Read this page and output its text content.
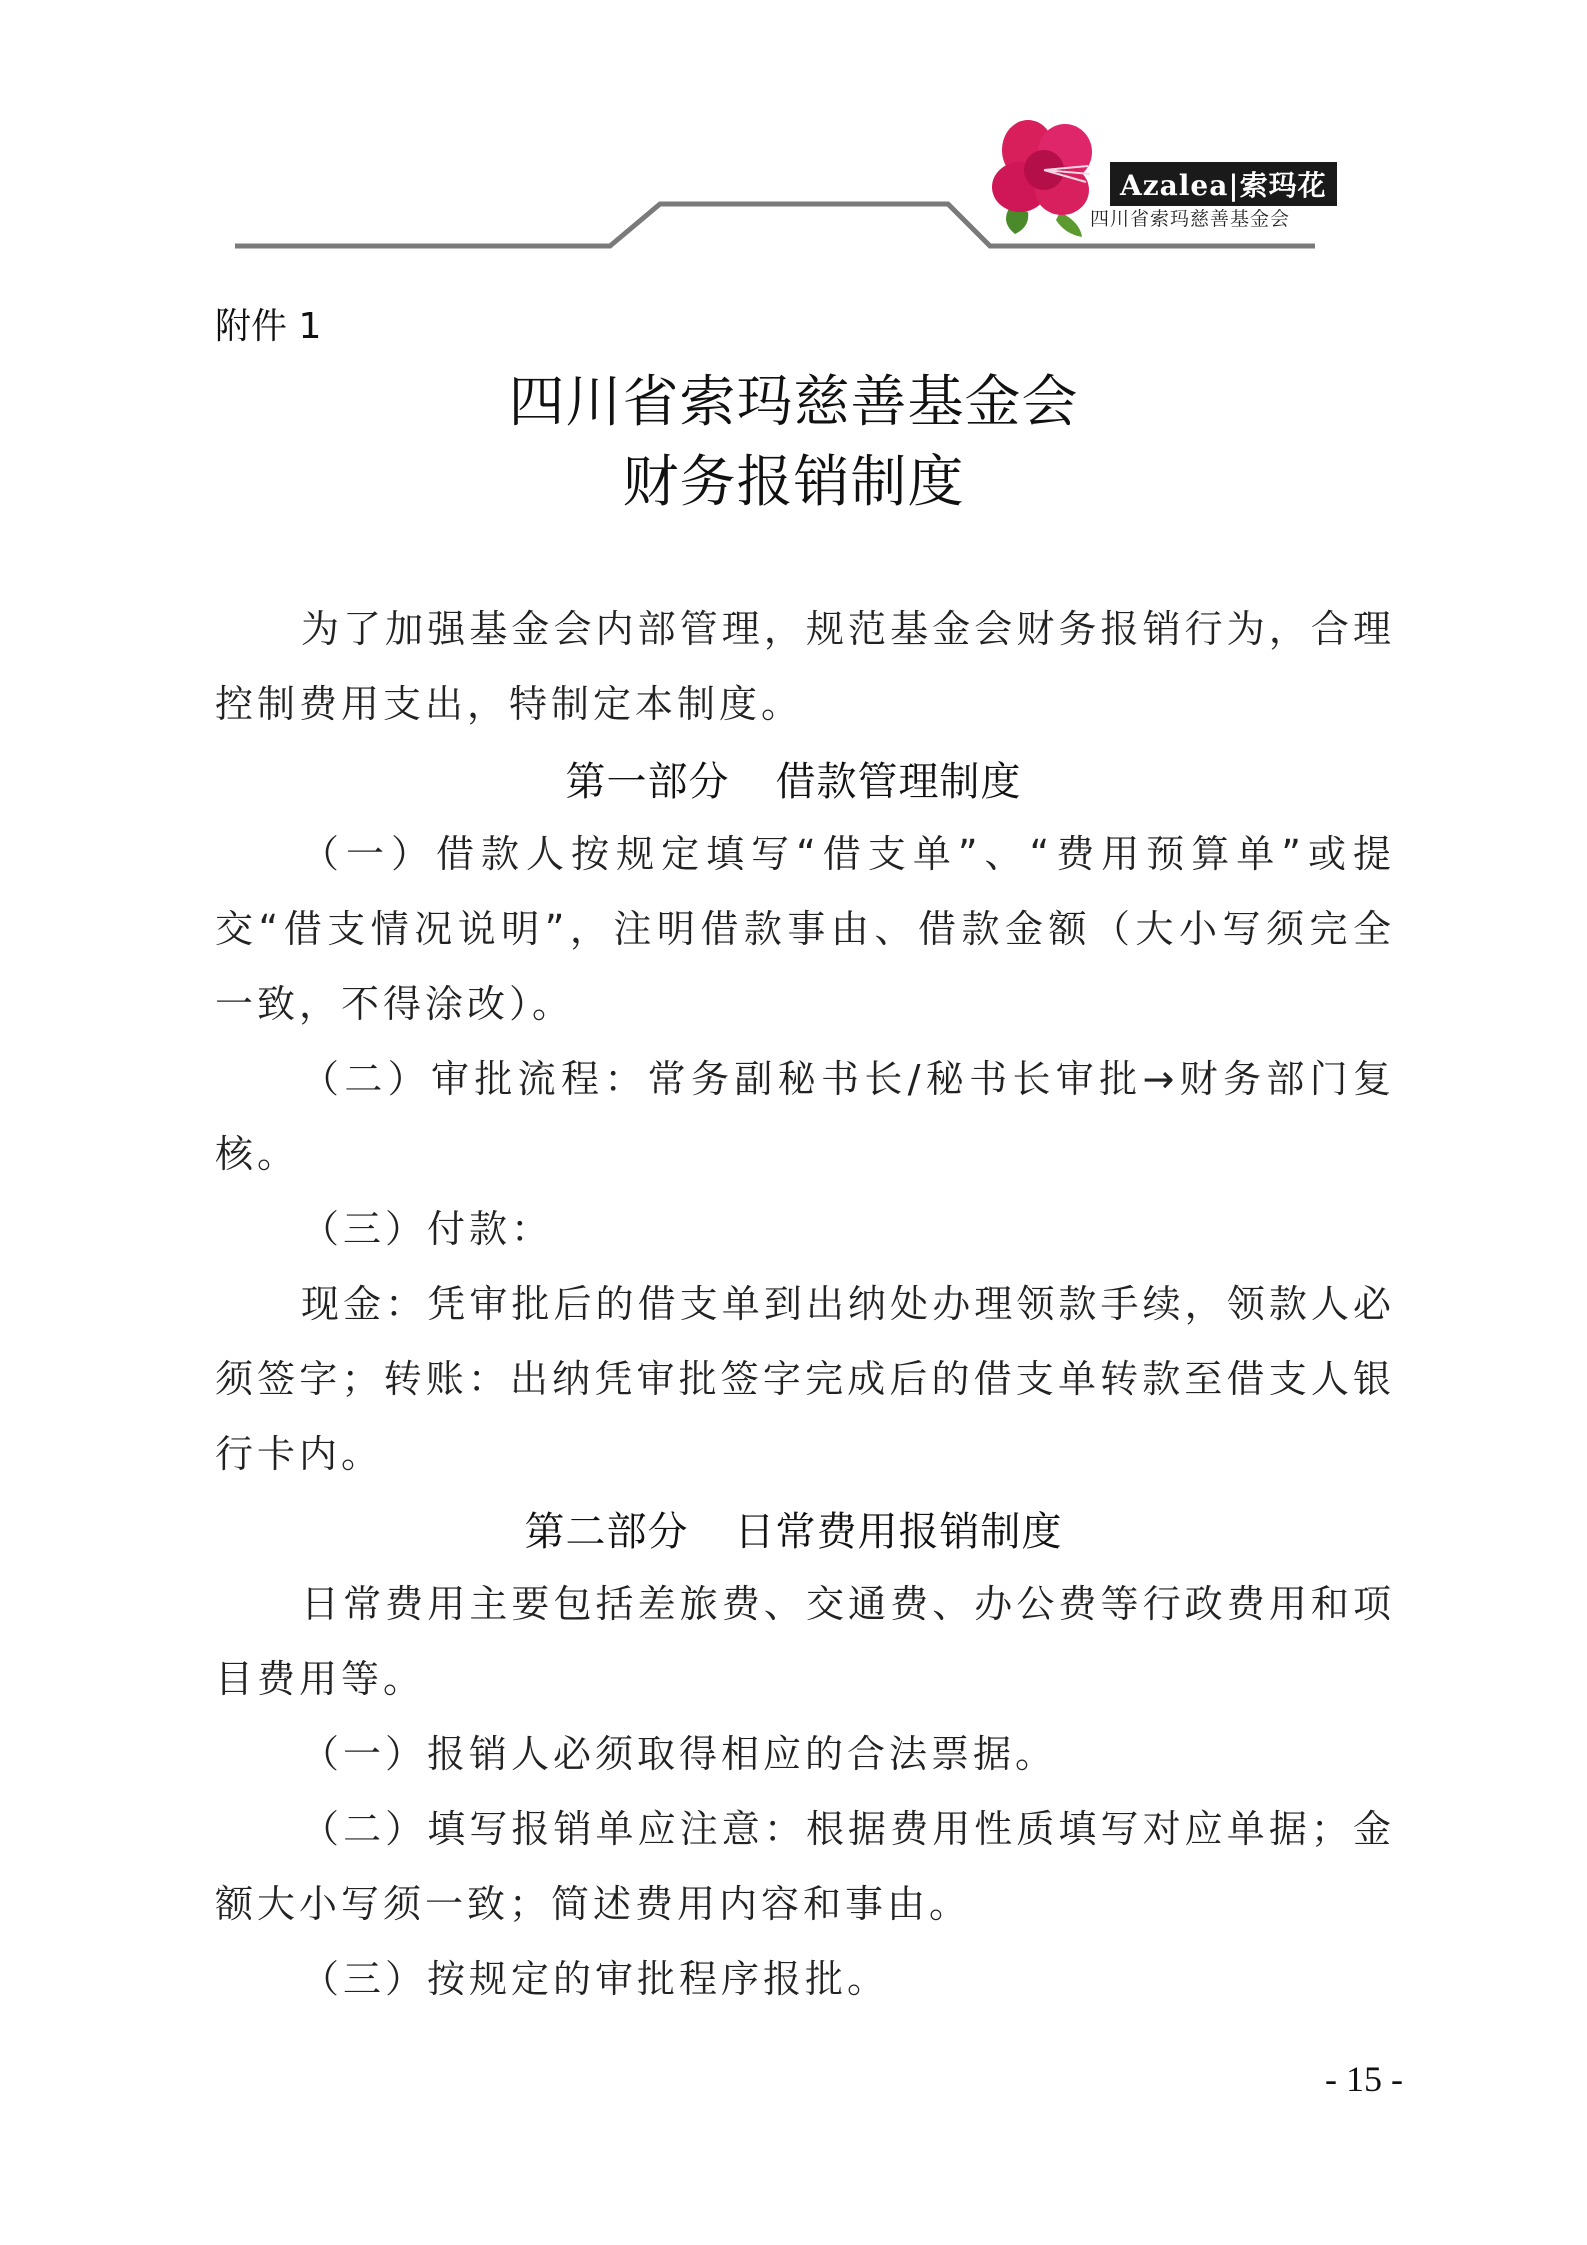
Azalea|索玛花
四川省索玛慈善基金会
附件 1
四川省索玛慈善基金会
财务报销制度
为了加强基金会内部管理，规范基金会财务报销行为，合理控制费用支出，特制定本制度。
第一部分 借款管理制度
（一）借款人按规定填写“借支单”、“费用预算单”或提交“借支情况说明”，注明借款事由、借款金额（大小写须完全一致，不得涂改）。
（二）审批流程：常务副秘书长/秘书长审批→财务部门复核。
（三）付款：
现金：凭审批后的借支单到出纳处办理领款手续，领款人必须签字；转账：出纳凭审批签字完成后的借支单转款至借支人银行卡内。
第二部分 日常费用报销制度
日常费用主要包括差旅费、交通费、办公费等行政费用和项目费用等。
（一）报销人必须取得相应的合法票据。
（二）填写报销单应注意：根据费用性质填写对应单据；金额大小写须一致；简述费用内容和事由。
（三）按规定的审批程序报批。
- 15 -
